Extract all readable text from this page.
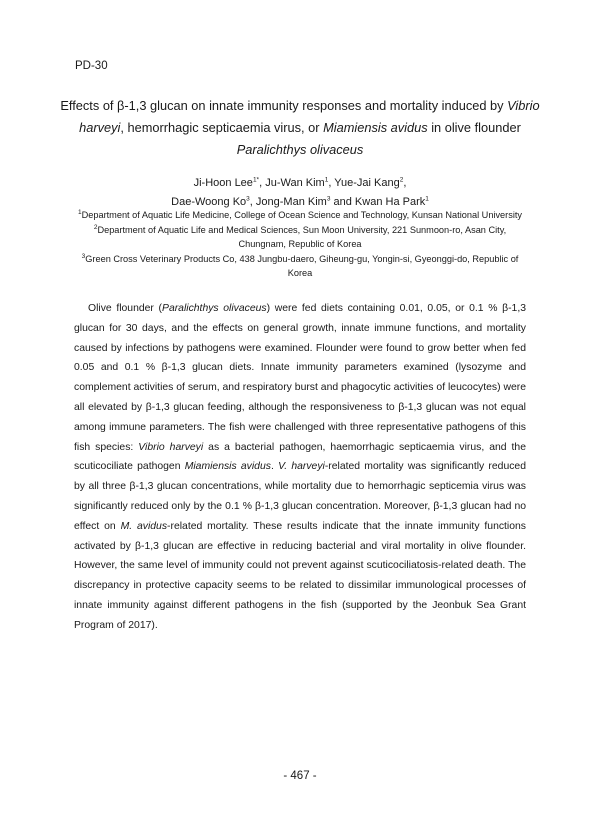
PD-30
Effects of β-1,3 glucan on innate immunity responses and mortality induced by Vibrio harveyi, hemorrhagic septicaemia virus, or Miamiensis avidus in olive flounder
Paralichthys olivaceus
Ji-Hoon Lee$^{1*}$, Ju-Wan Kim$^1$, Yue-Jai Kang$^2$,
Dae-Woong Ko$^3$, Jong-Man Kim$^3$ and Kwan Ha Park$^1$

$^1$Department of Aquatic Life Medicine, College of Ocean Science and Technology, Kunsan National University

$^2$Department of Aquatic Life and Medical Sciences, Sun Moon University, 221 Sunmoon-ro, Asan City, Chungnam, Republic of Korea

$^3$Green Cross Veterinary Products Co, 438 Jungbu-daero, Giheung-gu, Yongin-si, Gyeonggi-do, Republic of Korea

Olive flounder (Paralichthys olivaceus) were fed diets containing 0.01, 0.05, or 0.1 % β-1,3 glucan for 30 days, and the effects on general growth, innate immune functions, and mortality caused by infections by pathogens were examined. Flounder were found to grow better when fed 0.05 and 0.1 % β-1,3 glucan diets. Innate immunity parameters examined (lysozyme and complement activities of serum, and respiratory burst and phagocytic activities of leucocytes) were all elevated by β-1,3 glucan feeding, although the responsiveness to β-1,3 glucan was not equal among immune parameters. The fish were challenged with three representative pathogens of this fish species: Vibrio harveyi as a bacterial pathogen, haemorrhagic septicaemia virus, and the scuticociliate pathogen Miamiensis avidus. V. harveyi-related mortality was significantly reduced by all three β-1,3 glucan concentrations, while mortality due to hemorrhagic septicemia virus was significantly reduced only by the 0.1 % β-1,3 glucan concentration. Moreover, β-1,3 glucan had no effect on M. avidus-related mortality. These results indicate that the innate immunity functions activated by β-1,3 glucan are effective in reducing bacterial and viral mortality in olive flounder. However, the same level of immunity could not prevent against scuticociliatosis-related death. The discrepancy in protective capacity seems to be related to dissimilar immunological processes of innate immunity against different pathogens in the fish (supported by the Jeonbuk Sea Grant Program of 2017).

- 467 -
